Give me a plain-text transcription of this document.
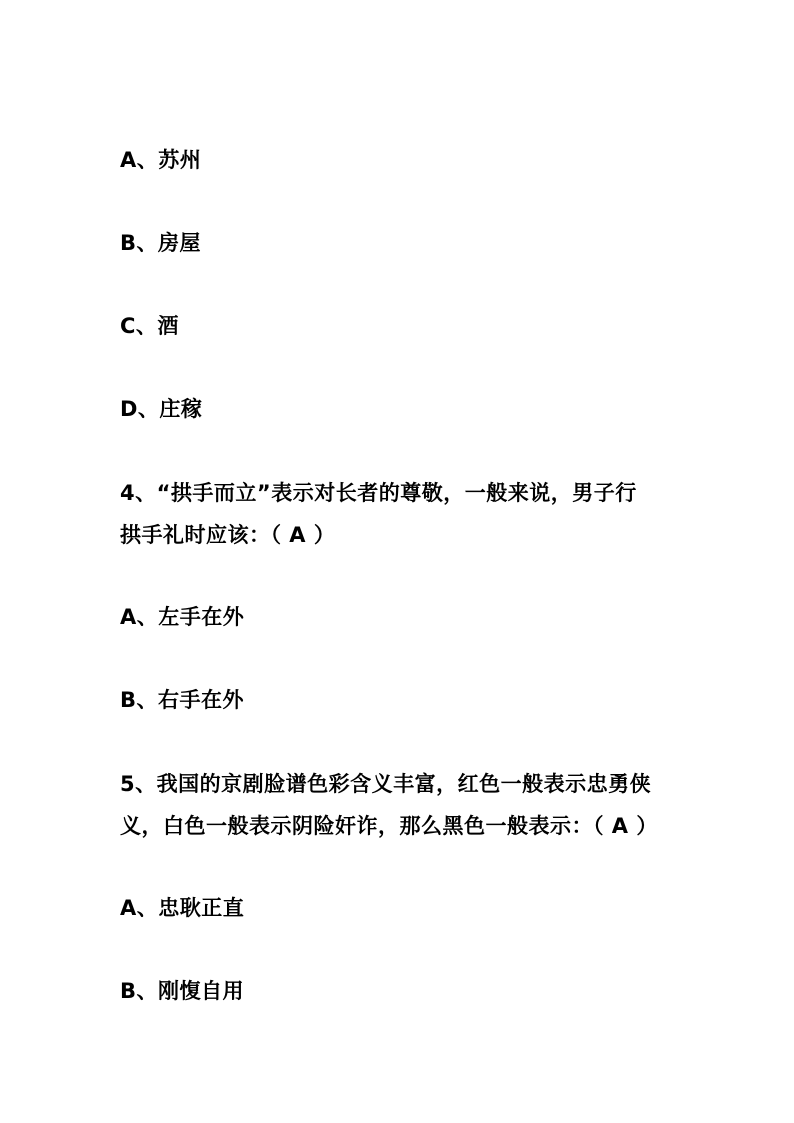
A、苏州
B、房屋
C、酒
D、庄稼
4、“拱手而立”表示对长者的尊敬，一般来说，男子行
拱手礼时应该：（ A ）
A、左手在外
B、右手在外
5、我国的京剧脸谱色彩含义丰富，红色一般表示忠勇侠
义，白色一般表示阴险奸诈，那么黑色一般表示：（ A ）
A、忠耿正直
B、刚愎自用
